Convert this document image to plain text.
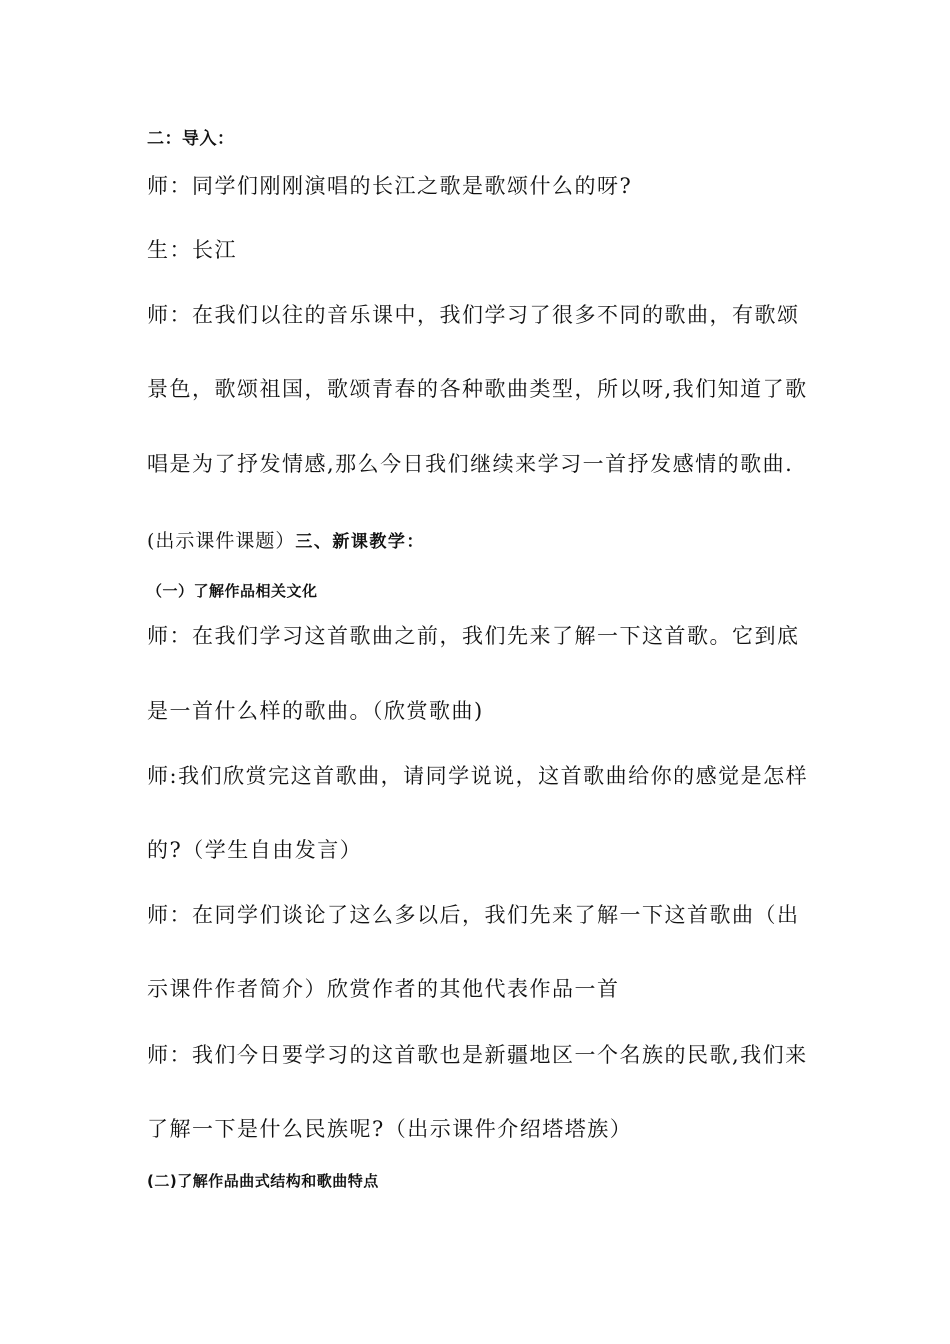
二：导入：
师：同学们刚刚演唱的长江之歌是歌颂什么的呀?
生：长江
师：在我们以往的音乐课中，我们学习了很多不同的歌曲，有歌颂
景色，歌颂祖国，歌颂青春的各种歌曲类型，所以呀,我们知道了歌
唱是为了抒发情感,那么今日我们继续来学习一首抒发感情的歌曲.
(出示课件课题）三、新课教学：
（一）了解作品相关文化
师：在我们学习这首歌曲之前，我们先来了解一下这首歌。它到底
是一首什么样的歌曲。（欣赏歌曲)
师:我们欣赏完这首歌曲，请同学说说，这首歌曲给你的感觉是怎样
的?（学生自由发言）
师：在同学们谈论了这么多以后，我们先来了解一下这首歌曲（出
示课件作者简介）欣赏作者的其他代表作品一首
师：我们今日要学习的这首歌也是新疆地区一个名族的民歌,我们来
了解一下是什么民族呢?（出示课件介绍塔塔族）
(二)了解作品曲式结构和歌曲特点
